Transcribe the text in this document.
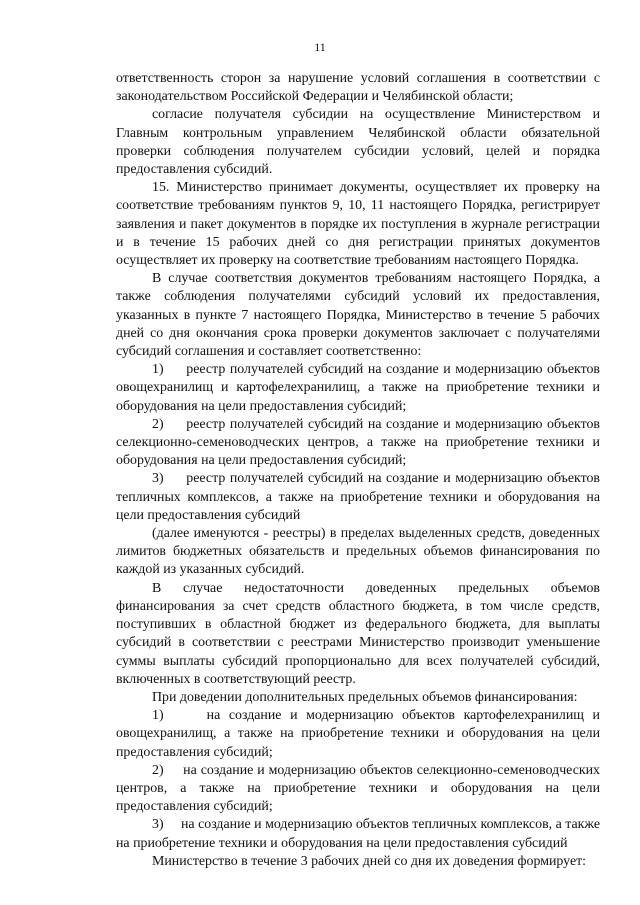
11

ответственность сторон за нарушение условий соглашения в соответствии с законодательством Российской Федерации и Челябинской области;

согласие получателя субсидии на осуществление Министерством и Главным контрольным управлением Челябинской области обязательной проверки соблюдения получателем субсидии условий, целей и порядка предоставления субсидий.

15. Министерство принимает документы, осуществляет их проверку на соответствие требованиям пунктов 9, 10, 11 настоящего Порядка, регистрирует заявления и пакет документов в порядке их поступления в журнале регистрации и в течение 15 рабочих дней со дня регистрации принятых документов осуществляет их проверку на соответствие требованиям настоящего Порядка.

В случае соответствия документов требованиям настоящего Порядка, а также соблюдения получателями субсидий условий их предоставления, указанных в пункте 7 настоящего Порядка, Министерство в течение 5 рабочих дней со дня окончания срока проверки документов заключает с получателями субсидий соглашения и составляет соответственно:

1)     реестр получателей субсидий на создание и модернизацию объектов овощехранилищ и картофелехранилищ, а также на приобретение техники и оборудования на цели предоставления субсидий;

2)     реестр получателей субсидий на создание и модернизацию объектов селекционно-семеноводческих центров, а также на приобретение техники и оборудования на цели предоставления субсидий;

3)     реестр получателей субсидий на создание и модернизацию объектов тепличных комплексов, а также на приобретение техники и оборудования на цели предоставления субсидий

(далее именуются - реестры) в пределах выделенных средств, доведенных лимитов бюджетных обязательств и предельных объемов финансирования по каждой из указанных субсидий.

В случае недостаточности доведенных предельных объемов финансирования за счет средств областного бюджета, в том числе средств, поступивших в областной бюджет из федерального бюджета, для выплаты субсидий в соответствии с реестрами Министерство производит уменьшение суммы выплаты субсидий пропорционально для всех получателей субсидий, включенных в соответствующий реестр.

При доведении дополнительных предельных объемов финансирования:

1)     на создание и модернизацию объектов картофелехранилищ и овощехранилищ, а также на приобретение техники и оборудования на цели предоставления субсидий;

2)     на создание и модернизацию объектов селекционно-семеноводческих центров, а также на приобретение техники и оборудования на цели предоставления субсидий;

3)     на создание и модернизацию объектов тепличных комплексов, а также на приобретение техники и оборудования на цели предоставления субсидий

Министерство в течение 3 рабочих дней со дня их доведения формирует:
